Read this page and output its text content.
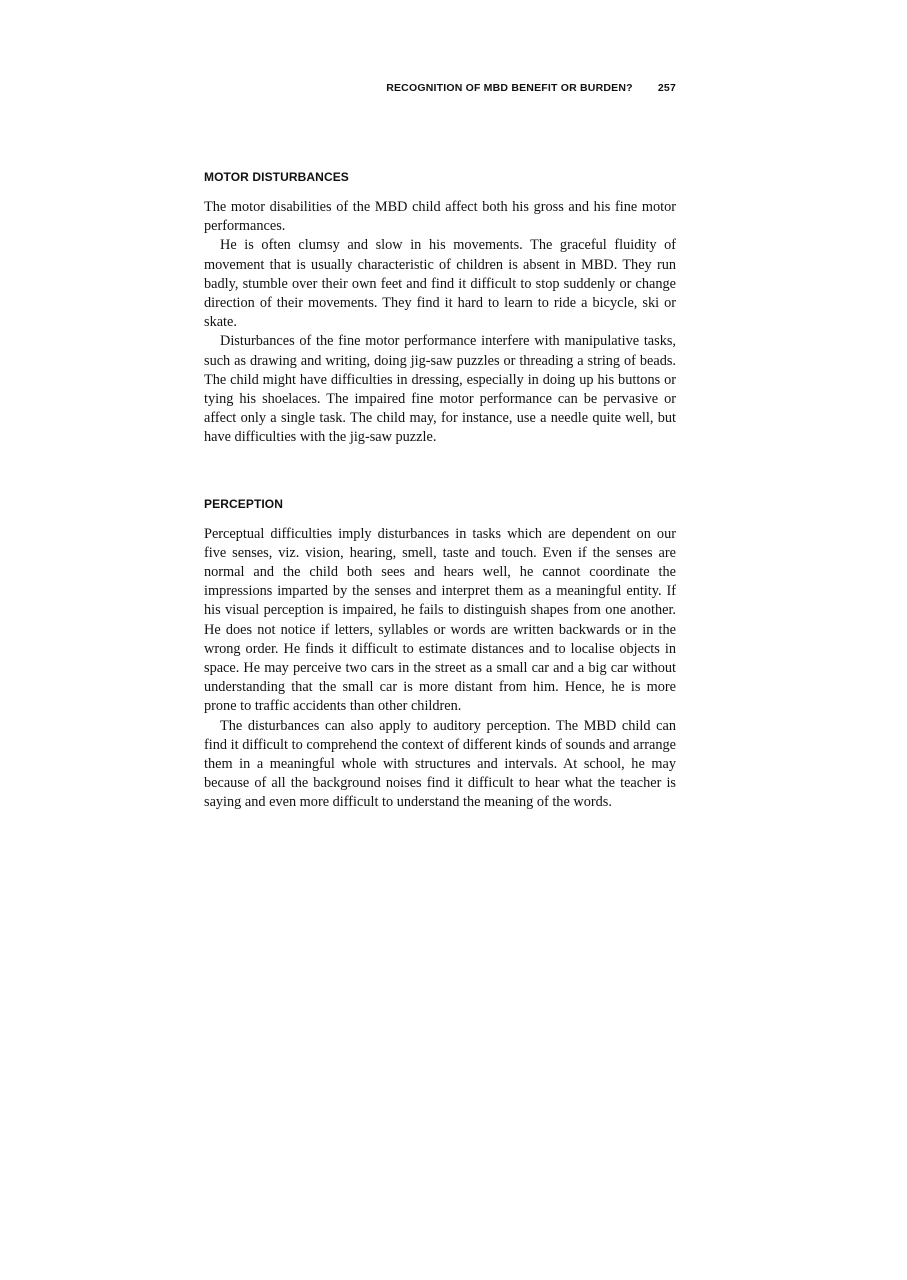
RECOGNITION OF MBD BENEFIT OR BURDEN? 257
MOTOR DISTURBANCES

The motor disabilities of the MBD child affect both his gross and his fine motor performances.

He is often clumsy and slow in his movements. The graceful fluidity of movement that is usually characteristic of children is absent in MBD. They run badly, stumble over their own feet and find it difficult to stop suddenly or change direction of their movements. They find it hard to learn to ride a bicycle, ski or skate.

Disturbances of the fine motor performance interfere with manipulative tasks, such as drawing and writing, doing jig-saw puzzles or threading a string of beads. The child might have difficulties in dressing, especially in doing up his buttons or tying his shoelaces. The impaired fine motor performance can be pervasive or affect only a single task. The child may, for instance, use a needle quite well, but have difficulties with the jig-saw puzzle.

PERCEPTION

Perceptual difficulties imply disturbances in tasks which are dependent on our five senses, viz. vision, hearing, smell, taste and touch. Even if the senses are normal and the child both sees and hears well, he cannot coordinate the impressions imparted by the senses and interpret them as a meaningful entity. If his visual perception is impaired, he fails to distinguish shapes from one another. He does not notice if letters, syllables or words are written backwards or in the wrong order. He finds it difficult to estimate distances and to localise objects in space. He may perceive two cars in the street as a small car and a big car without understanding that the small car is more distant from him. Hence, he is more prone to traffic accidents than other children.

The disturbances can also apply to auditory perception. The MBD child can find it difficult to comprehend the context of different kinds of sounds and arrange them in a meaningful whole with structures and intervals. At school, he may because of all the background noises find it difficult to hear what the teacher is saying and even more difficult to understand the meaning of the words.
